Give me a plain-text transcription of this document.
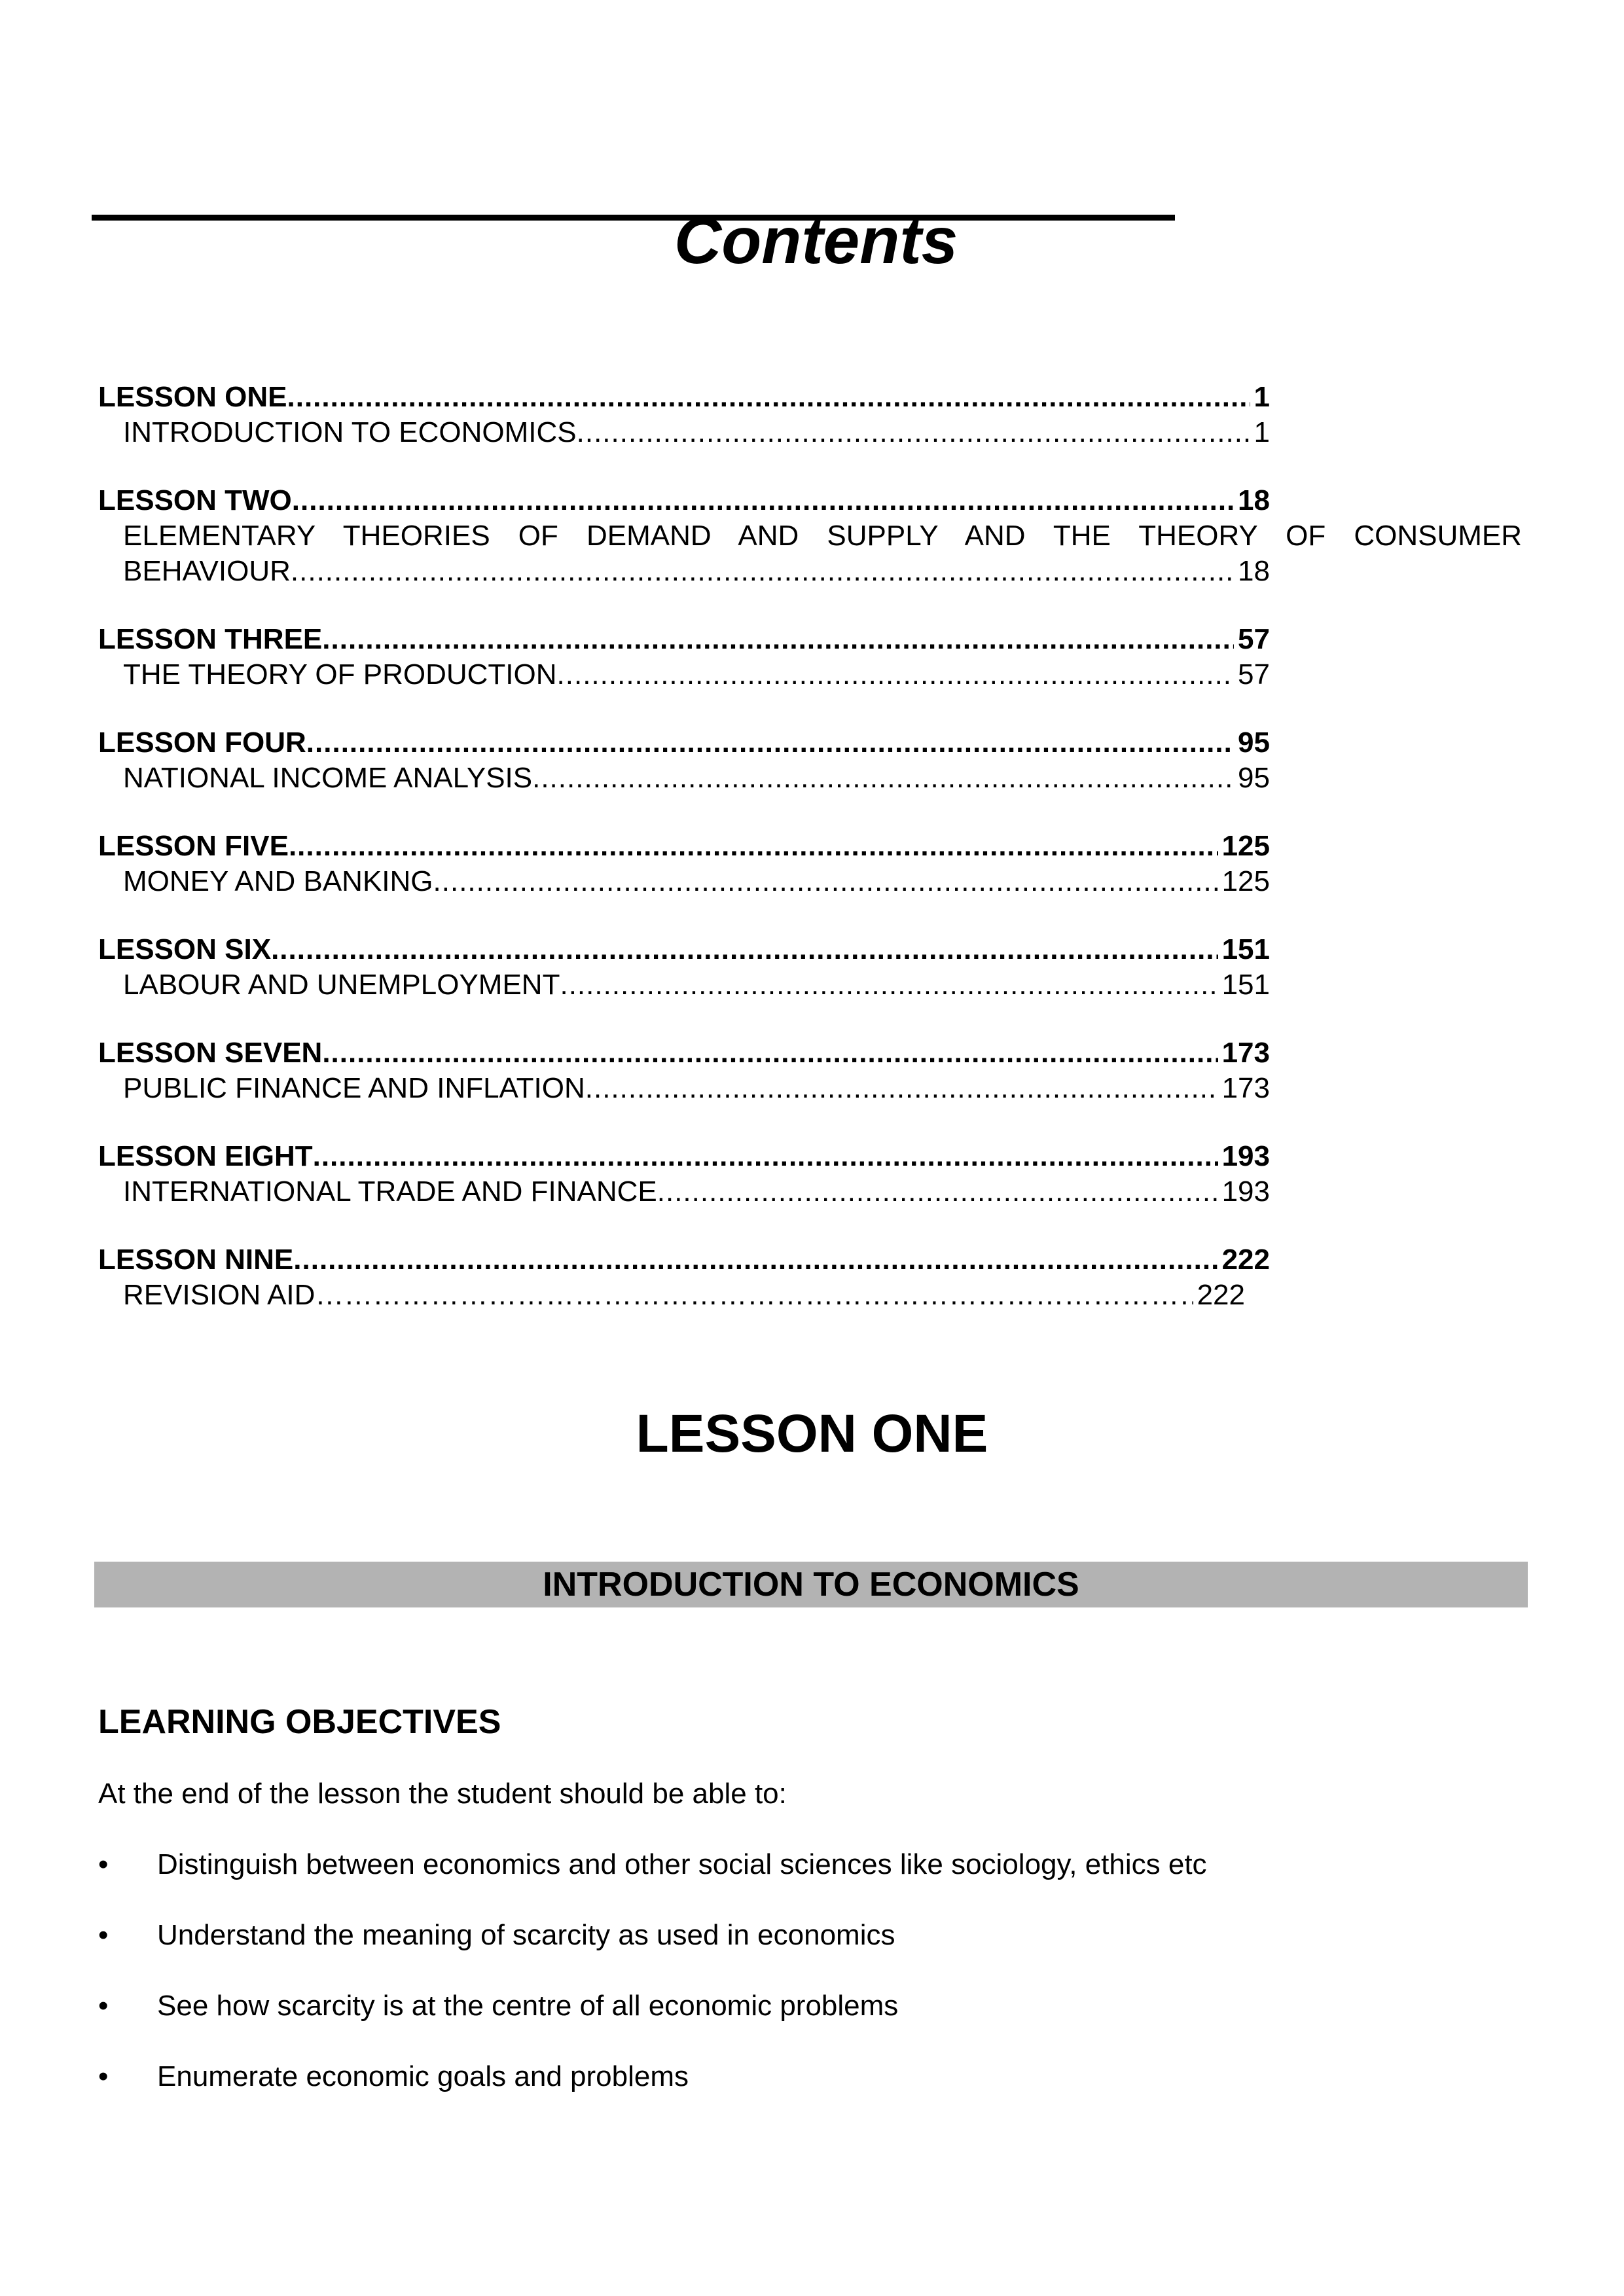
Contents
LESSON ONE .....	1
INTRODUCTION TO ECONOMICS .....	1
LESSON TWO .....	18
ELEMENTARY THEORIES OF DEMAND AND SUPPLY AND THE THEORY OF CONSUMER
BEHAVIOUR .....	18
LESSON THREE .....	57
THE THEORY OF PRODUCTION .....	57
LESSON FOUR .....	95
NATIONAL INCOME ANALYSIS .....	95
LESSON FIVE .....	125
MONEY AND BANKING .....	125
LESSON SIX .....	151
LABOUR AND UNEMPLOYMENT .....	151
LESSON SEVEN .....	173
PUBLIC FINANCE AND INFLATION .....	173
LESSON EIGHT .....	193
INTERNATIONAL TRADE AND FINANCE .....	193
LESSON NINE .....	222
REVISION AID …………………………………………………………………………………………………………………………………………………………………………	222
LESSON ONE
INTRODUCTION TO ECONOMICS
LEARNING OBJECTIVES
At the end of the lesson the student should be able to:
• Distinguish between economics and other social sciences like sociology, ethics etc
• Understand the meaning of scarcity as used in economics
• See how scarcity is at the centre of all economic problems
• Enumerate economic goals and problems
